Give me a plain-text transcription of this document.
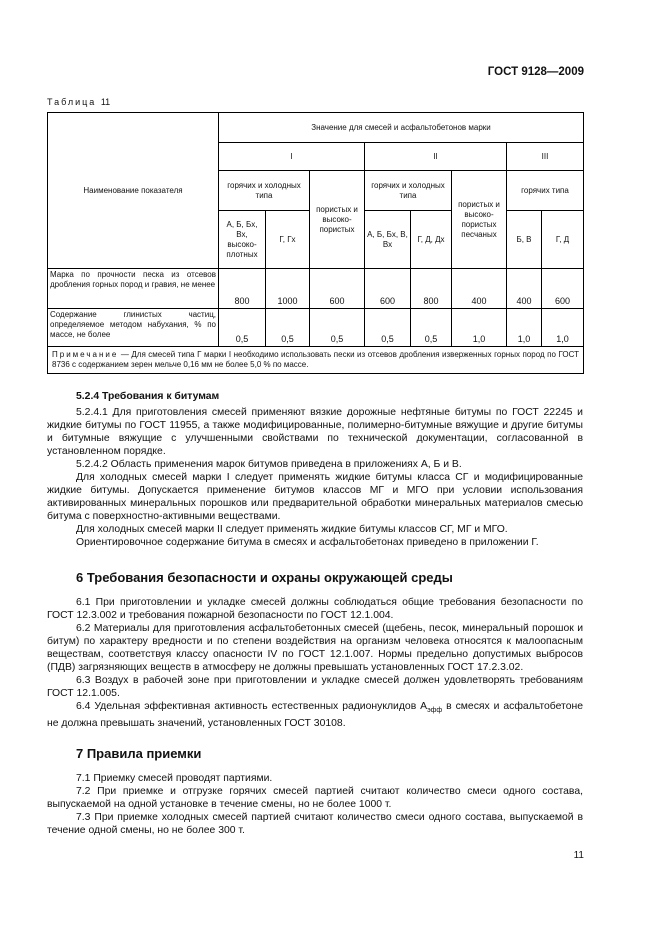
ГОСТ 9128—2009
Таблица 11
Наименование показателя	Значение для смесей и асфальтобетонов марки							
	I			II			III	
	горячих и холодных типа		пористых и высоко-пористых	горячих и холодных типа		пористых и высоко-пористых песчаных	горячих типа	
	А, Б, Бх, Вх, высоко-плотных	Г, Гх		А, Б, Бх, В, Вх	Г, Д, Дх		Б, В	Г, Д
Марка по прочности песка из отсевов дробления горных пород и гравия, не менее	800	1000	600	600	800	400	400	600
Содержание глинистых частиц, определяемое методом набухания, % по массе, не более	0,5	0,5	0,5	0,5	0,5	1,0	1,0	1,0
Примечание — Для смесей типа Г марки I необходимо использовать пески из отсевов дробления изверженных горных пород по ГОСТ 8736 с содержанием зерен мельче 0,16 мм не более 5,0 % по массе.								
5.2.4 Требования к битумам

5.2.4.1 Для приготовления смесей применяют вязкие дорожные нефтяные битумы по ГОСТ 22245 и жидкие битумы по ГОСТ 11955, а также модифицированные, полимерно-битумные вяжущие и другие битумы и битумные вяжущие с улучшенными свойствами по технической документации, согласованной в установленном порядке.

5.2.4.2 Область применения марок битумов приведена в приложениях А, Б и В.

Для холодных смесей марки I следует применять жидкие битумы класса СГ и модифицированные жидкие битумы. Допускается применение битумов классов МГ и МГО при условии использования активированных минеральных порошков или предварительной обработки минеральных материалов смесью битума с поверхностно-активными веществами.

Для холодных смесей марки II следует применять жидкие битумы классов СГ, МГ и МГО.

Ориентировочное содержание битума в смесях и асфальтобетонах приведено в приложении Г.

6 Требования безопасности и охраны окружающей среды

6.1 При приготовлении и укладке смесей должны соблюдаться общие требования безопасности по ГОСТ 12.3.002 и требования пожарной безопасности по ГОСТ 12.1.004.

6.2 Материалы для приготовления асфальтобетонных смесей (щебень, песок, минеральный порошок и битум) по характеру вредности и по степени воздействия на организм человека относятся к малоопасным веществам, соответствуя классу опасности IV по ГОСТ 12.1.007. Нормы предельно допустимых выбросов (ПДВ) загрязняющих веществ в атмосферу не должны превышать установленных ГОСТ 17.2.3.02.

6.3 Воздух в рабочей зоне при приготовлении и укладке смесей должен удовлетворять требованиям ГОСТ 12.1.005.

6.4 Удельная эффективная активность естественных радионуклидов $А_{эфф}$ в смесях и асфальтобетоне не должна превышать значений, установленных ГОСТ 30108.

7 Правила приемки

7.1 Приемку смесей проводят партиями.

7.2 При приемке и отгрузке горячих смесей партией считают количество смеси одного состава, выпускаемой на одной установке в течение смены, но не более 1000 т.

7.3 При приемке холодных смесей партией считают количество смеси одного состава, выпускаемой в течение одной смены, но не более 300 т.

11
